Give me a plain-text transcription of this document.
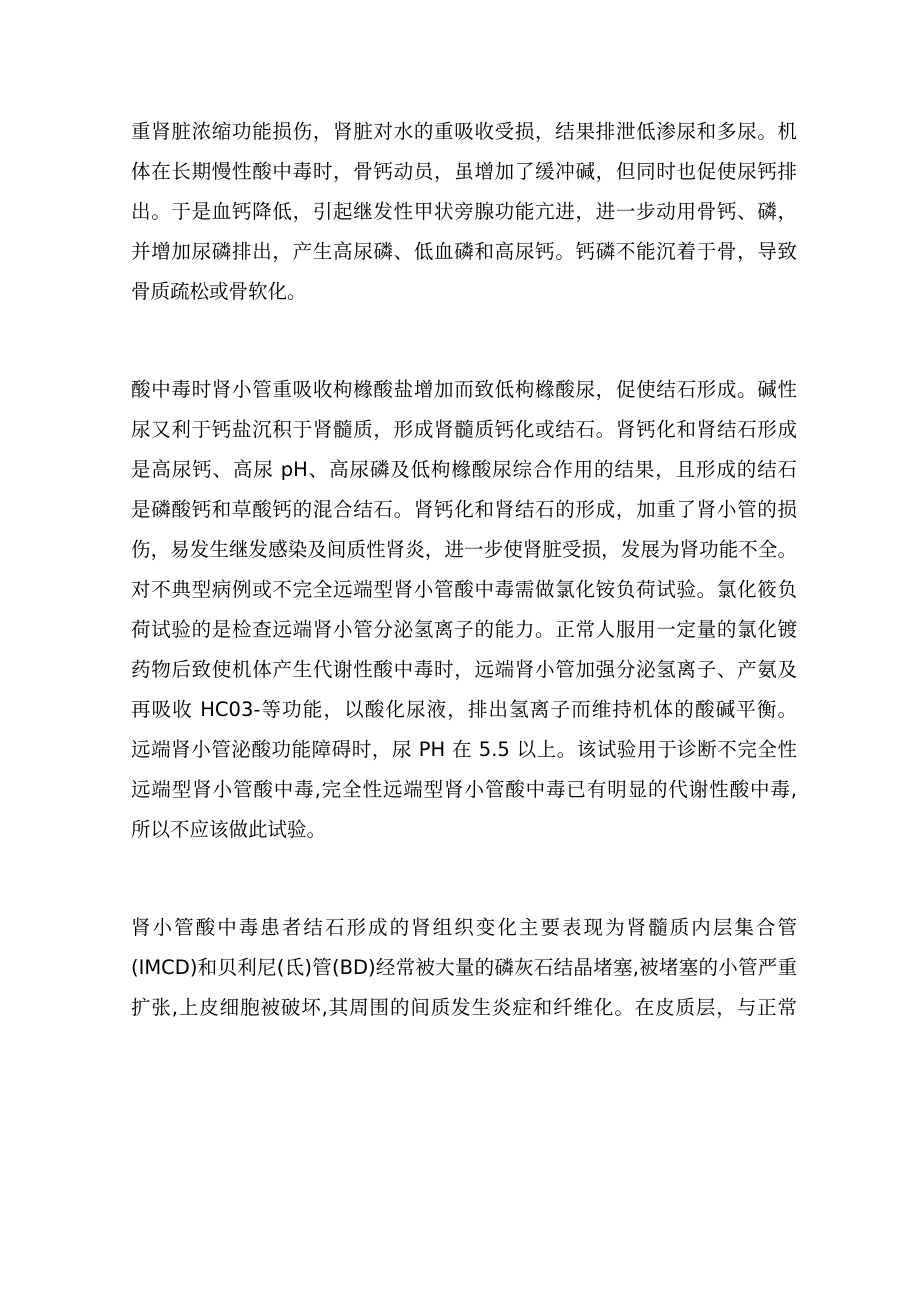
重肾脏浓缩功能损伤，肾脏对水的重吸收受损，结果排泄低渗尿和多尿。机
体在长期慢性酸中毒时，骨钙动员，虽增加了缓冲碱，但同时也促使尿钙排
出。于是血钙降低，引起继发性甲状旁腺功能亢进，进一步动用骨钙、磷，
并增加尿磷排出，产生高尿磷、低血磷和高尿钙。钙磷不能沉着于骨，导致
骨质疏松或骨软化。

酸中毒时肾小管重吸收枸橼酸盐增加而致低枸橼酸尿，促使结石形成。碱性
尿又利于钙盐沉积于肾髓质，形成肾髓质钙化或结石。肾钙化和肾结石形成
是高尿钙、高尿 pH、高尿磷及低枸橼酸尿综合作用的结果，且形成的结石
是磷酸钙和草酸钙的混合结石。肾钙化和肾结石的形成，加重了肾小管的损
伤，易发生继发感染及间质性肾炎，进一步使肾脏受损，发展为肾功能不全。
对不典型病例或不完全远端型肾小管酸中毒需做氯化铵负荷试验。氯化筱负
荷试验的是检查远端肾小管分泌氢离子的能力。正常人服用一定量的氯化镀
药物后致使机体产生代谢性酸中毒时，远端肾小管加强分泌氢离子、产氨及
再吸收 HC03-等功能，以酸化尿液，排出氢离子而维持机体的酸碱平衡。
远端肾小管泌酸功能障碍时，尿 PH 在 5.5 以上。该试验用于诊断不完全性
远端型肾小管酸中毒,完全性远端型肾小管酸中毒已有明显的代谢性酸中毒,
所以不应该做此试验。

肾小管酸中毒患者结石形成的肾组织变化主要表现为肾髓质内层集合管
(IMCD)和贝利尼(氐)管(BD)经常被大量的磷灰石结晶堵塞,被堵塞的小管严重
扩张,上皮细胞被破坏,其周围的间质发生炎症和纤维化。在皮质层，与正常
